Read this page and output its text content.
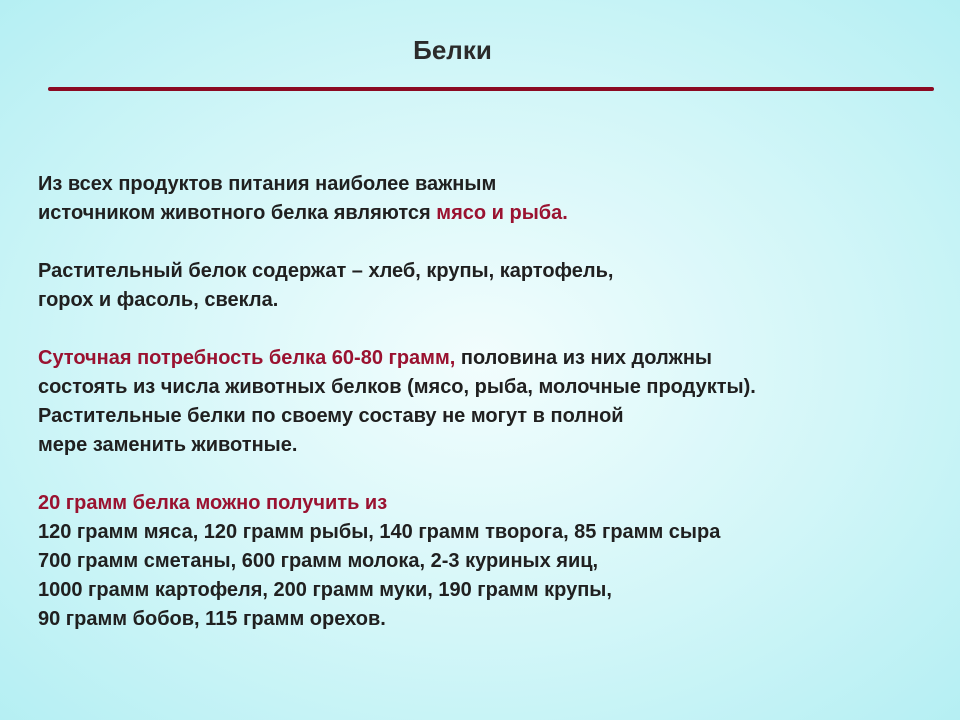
Белки

Из всех продуктов питания наиболее важным
источником животного белка являются мясо и рыба.

Растительный белок содержат – хлеб, крупы, картофель,
горох и фасоль, свекла.

Суточная потребность белка 60-80 грамм, половина из них должны
состоять из числа животных белков (мясо, рыба, молочные продукты).
Растительные белки по своему составу не могут в полной
мере заменить животные.

20 грамм белка можно получить из
120 грамм мяса, 120 грамм рыбы, 140 грамм творога, 85 грамм сыра
700 грамм сметаны, 600 грамм молока, 2-3 куриных яиц,
1000 грамм картофеля, 200 грамм муки, 190 грамм крупы,
90 грамм бобов, 115 грамм орехов.
